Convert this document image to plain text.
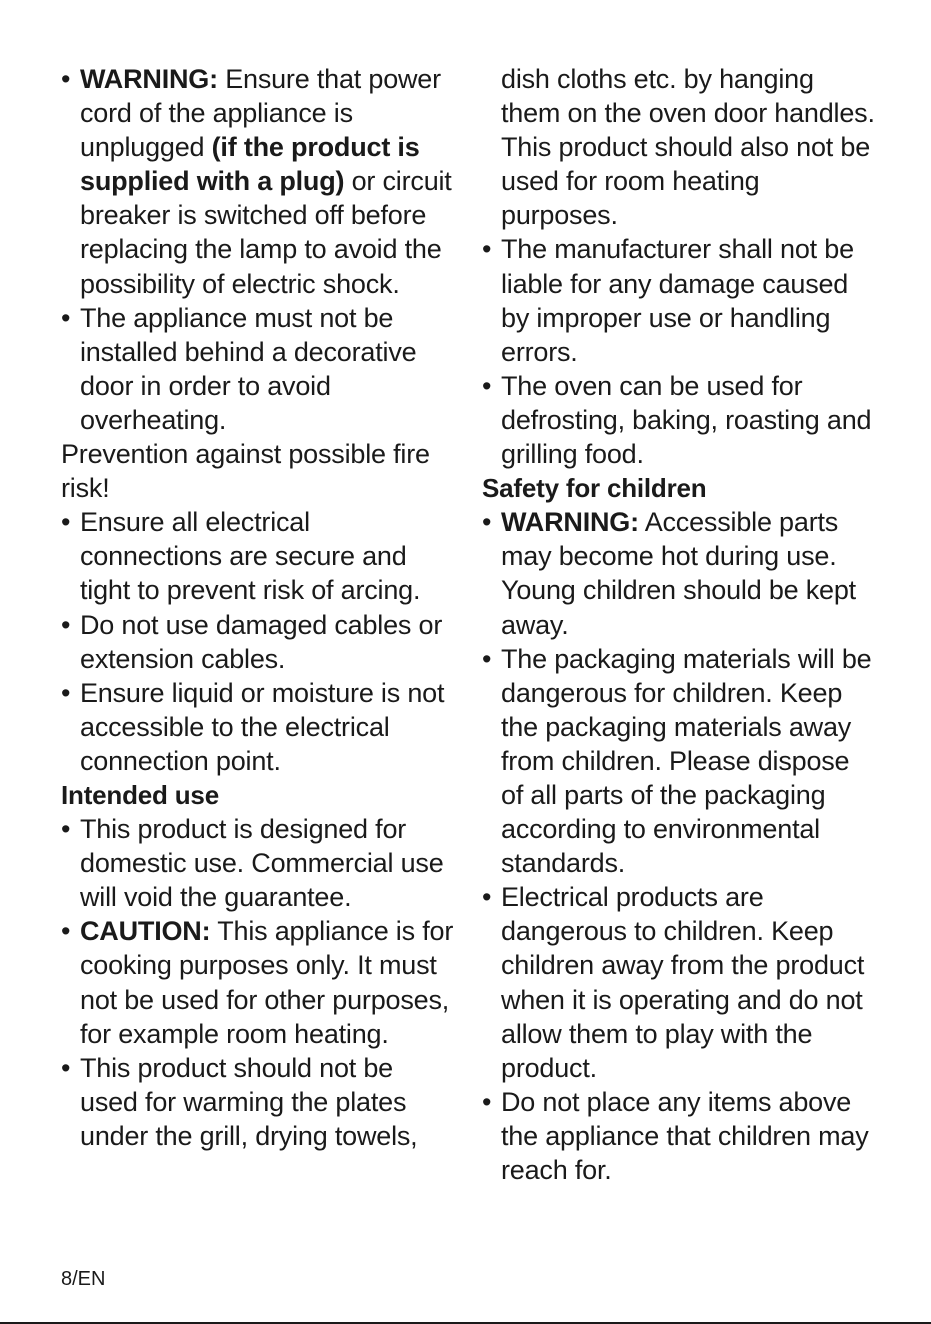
• WARNING: Ensure that power cord of the appliance is unplugged (if the product is supplied with a plug) or circuit breaker is switched off before replacing the lamp to avoid the possibility of electric shock.
• The appliance must not be installed behind a decorative door in order to avoid overheating.
Prevention against possible fire risk!
• Ensure all electrical connections are secure and tight to prevent risk of arcing.
• Do not use damaged cables or extension cables.
• Ensure liquid or moisture is not accessible to the electrical connection point.
Intended use
• This product is designed for domestic use. Commercial use will void the guarantee.
• CAUTION: This appliance is for cooking purposes only. It must not be used for other purposes, for example room heating.
• This product should not be used for warming the plates under the grill, drying towels,
dish cloths etc. by hanging them on the oven door handles. This product should also not be used for room heating purposes.
• The manufacturer shall not be liable for any damage caused by improper use or handling errors.
• The oven can be used for defrosting, baking, roasting and grilling food.
Safety for children
• WARNING: Accessible parts may become hot during use. Young children should be kept away.
• The packaging materials will be dangerous for children. Keep the packaging materials away from children. Please dispose of all parts of the packaging according to environmental standards.
• Electrical products are dangerous to children. Keep children away from the product when it is operating and do not allow them to play with the product.
• Do not place any items above the appliance that children may reach for.
8/EN
